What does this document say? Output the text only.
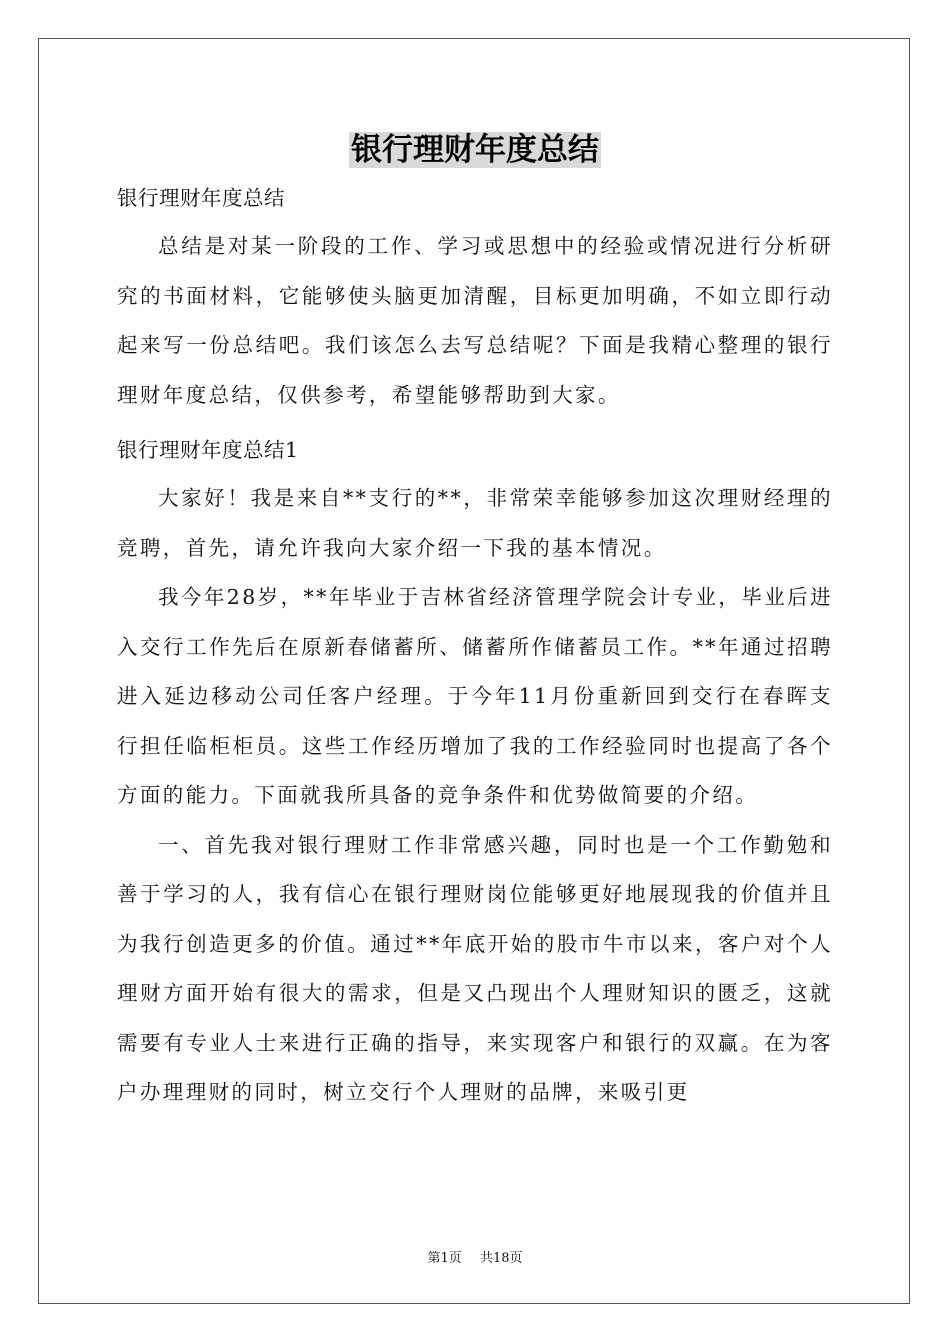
银行理财年度总结

银行理财年度总结

总结是对某一阶段的工作、学习或思想中的经验或情况进行分析研究的书面材料，它能够使头脑更加清醒，目标更加明确，不如立即行动起来写一份总结吧。我们该怎么去写总结呢？下面是我精心整理的银行理财年度总结，仅供参考，希望能够帮助到大家。

银行理财年度总结1

大家好！我是来自**支行的**，非常荣幸能够参加这次理财经理的竞聘，首先，请允许我向大家介绍一下我的基本情况。

我今年28岁，**年毕业于吉林省经济管理学院会计专业，毕业后进入交行工作先后在原新春储蓄所、储蓄所作储蓄员工作。**年通过招聘进入延边移动公司任客户经理。于今年11月份重新回到交行在春晖支行担任临柜柜员。这些工作经历增加了我的工作经验同时也提高了各个方面的能力。下面就我所具备的竞争条件和优势做简要的介绍。

一、首先我对银行理财工作非常感兴趣，同时也是一个工作勤勉和善于学习的人，我有信心在银行理财岗位能够更好地展现我的价值并且为我行创造更多的价值。通过**年底开始的股市牛市以来，客户对个人理财方面开始有很大的需求，但是又凸现出个人理财知识的匮乏，这就需要有专业人士来进行正确的指导，来实现客户和银行的双赢。在为客户办理理财的同时，树立交行个人理财的品牌，来吸引更

第1页 共18页
